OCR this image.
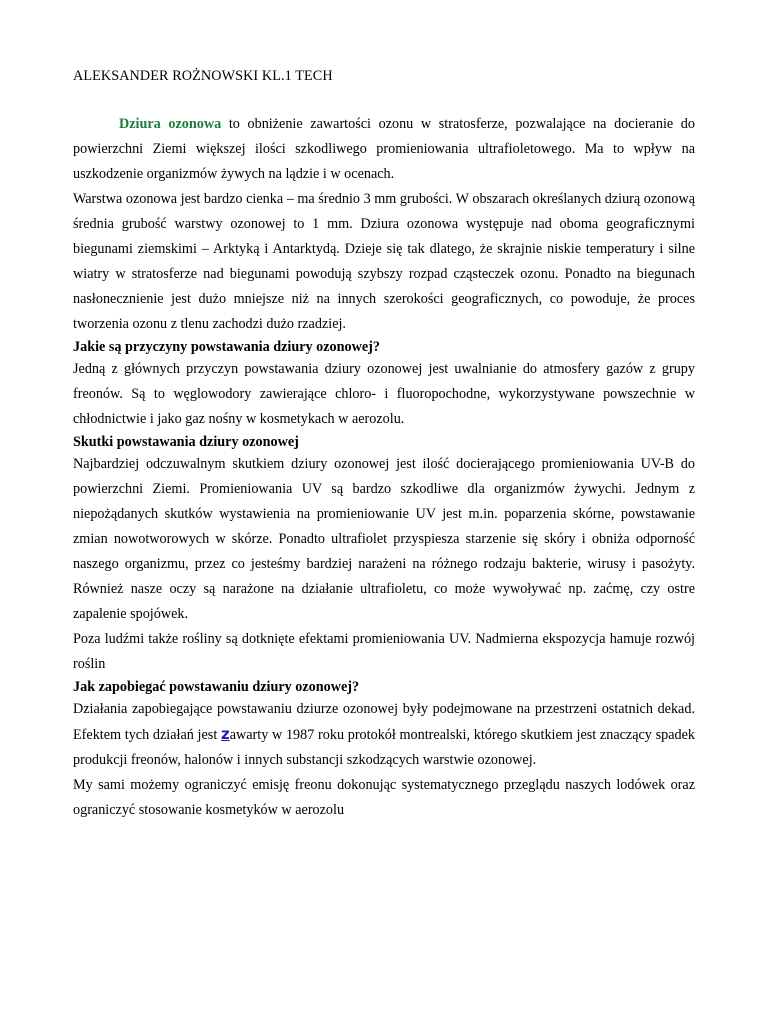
ALEKSANDER ROŻNOWSKI KL.1 TECH

Dziura ozonowa to obniżenie zawartości ozonu w stratosferze, pozwalające na docieranie do powierzchni Ziemi większej ilości szkodliwego promieniowania ultrafioletowego. Ma to wpływ na uszkodzenie organizmów żywych na lądzie i w ocenach.

Warstwa ozonowa jest bardzo cienka – ma średnio 3 mm grubości. W obszarach określanych dziurą ozonową średnia grubość warstwy ozonowej to 1 mm. Dziura ozonowa występuje nad oboma geograficznymi biegunami ziemskimi – Arktyką i Antarktydą. Dzieje się tak dlatego, że skrajnie niskie temperatury i silne wiatry w stratosferze nad biegunami powodują szybszy rozpad cząsteczek ozonu. Ponadto na biegunach nasłonecznienie jest dużo mniejsze niż na innych szerokości geograficznych, co powoduje, że proces tworzenia ozonu z tlenu zachodzi dużo rzadziej.

Jakie są przyczyny powstawania dziury ozonowej?

Jedną z głównych przyczyn powstawania dziury ozonowej jest uwalnianie do atmosfery gazów z grupy freonów. Są to węglowodory zawierające chloro- i fluoropochodne, wykorzystywane powszechnie w chłodnictwie i jako gaz nośny w kosmetykach w aerozolu.

Skutki powstawania dziury ozonowej

Najbardziej odczuwalnym skutkiem dziury ozonowej jest ilość docierającego promieniowania UV-B do powierzchni Ziemi. Promieniowania UV są bardzo szkodliwe dla organizmów żywychi. Jednym z niepożądanych skutków wystawienia na promieniowanie UV jest m.in. poparzenia skórne, powstawanie zmian nowotworowych w skórze. Ponadto ultrafiolet przyspiesza starzenie się skóry i obniża odporność naszego organizmu, przez co jesteśmy bardziej narażeni na różnego rodzaju bakterie, wirusy i pasożyty. Również nasze oczy są narażone na działanie ultrafioletu, co może wywoływać np. zaćmę, czy ostre zapalenie spojówek.

Poza ludźmi także rośliny są dotknięte efektami promieniowania UV. Nadmierna ekspozycja hamuje rozwój roślin

Jak zapobiegać powstawaniu dziury ozonowej?

Działania zapobiegające powstawaniu dziurze ozonowej były podejmowane na przestrzeni ostatnich dekad. Efektem tych działań jest zawarty w 1987 roku protokół montrealski, którego skutkiem jest znaczący spadek produkcji freonów, halonów i innych substancji szkodzących warstwie ozonowej.

My sami możemy ograniczyć emisję freonu dokonując systematycznego przeglądu naszych lodówek oraz ograniczyć stosowanie kosmetyków w aerozolu
